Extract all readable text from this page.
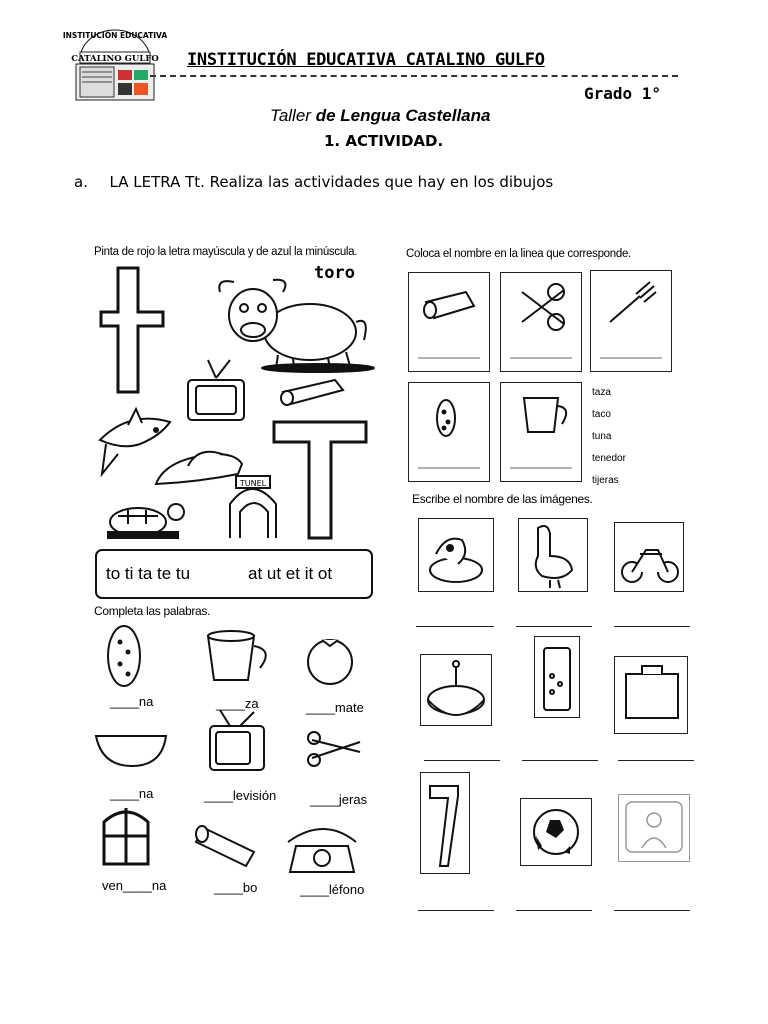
INSTITUCIÓN EDUCATIVA
CATALINO GULFO INSTITUCIÓN EDUCATIVA CATALINO GULFO
Grado 1°
Taller de Lengua Castellana
1. ACTIVIDAD.
a. LA LETRA Tt. Realiza las actividades que hay en los dibujos
Pinta de rojo la letra mayúscula y de azul la minúscula.
TUNEL
toro
to ti ta te tu	at ut et it ot
Coloca el nombre en la linea que corresponde.
taza
taco
tuna
tenedor
tijeras
Completa las palabras.
____na	____za	____mate
____na	____levisión	____jeras
ven____na	____bo	____léfono
Escribe el nombre de las imágenes.
